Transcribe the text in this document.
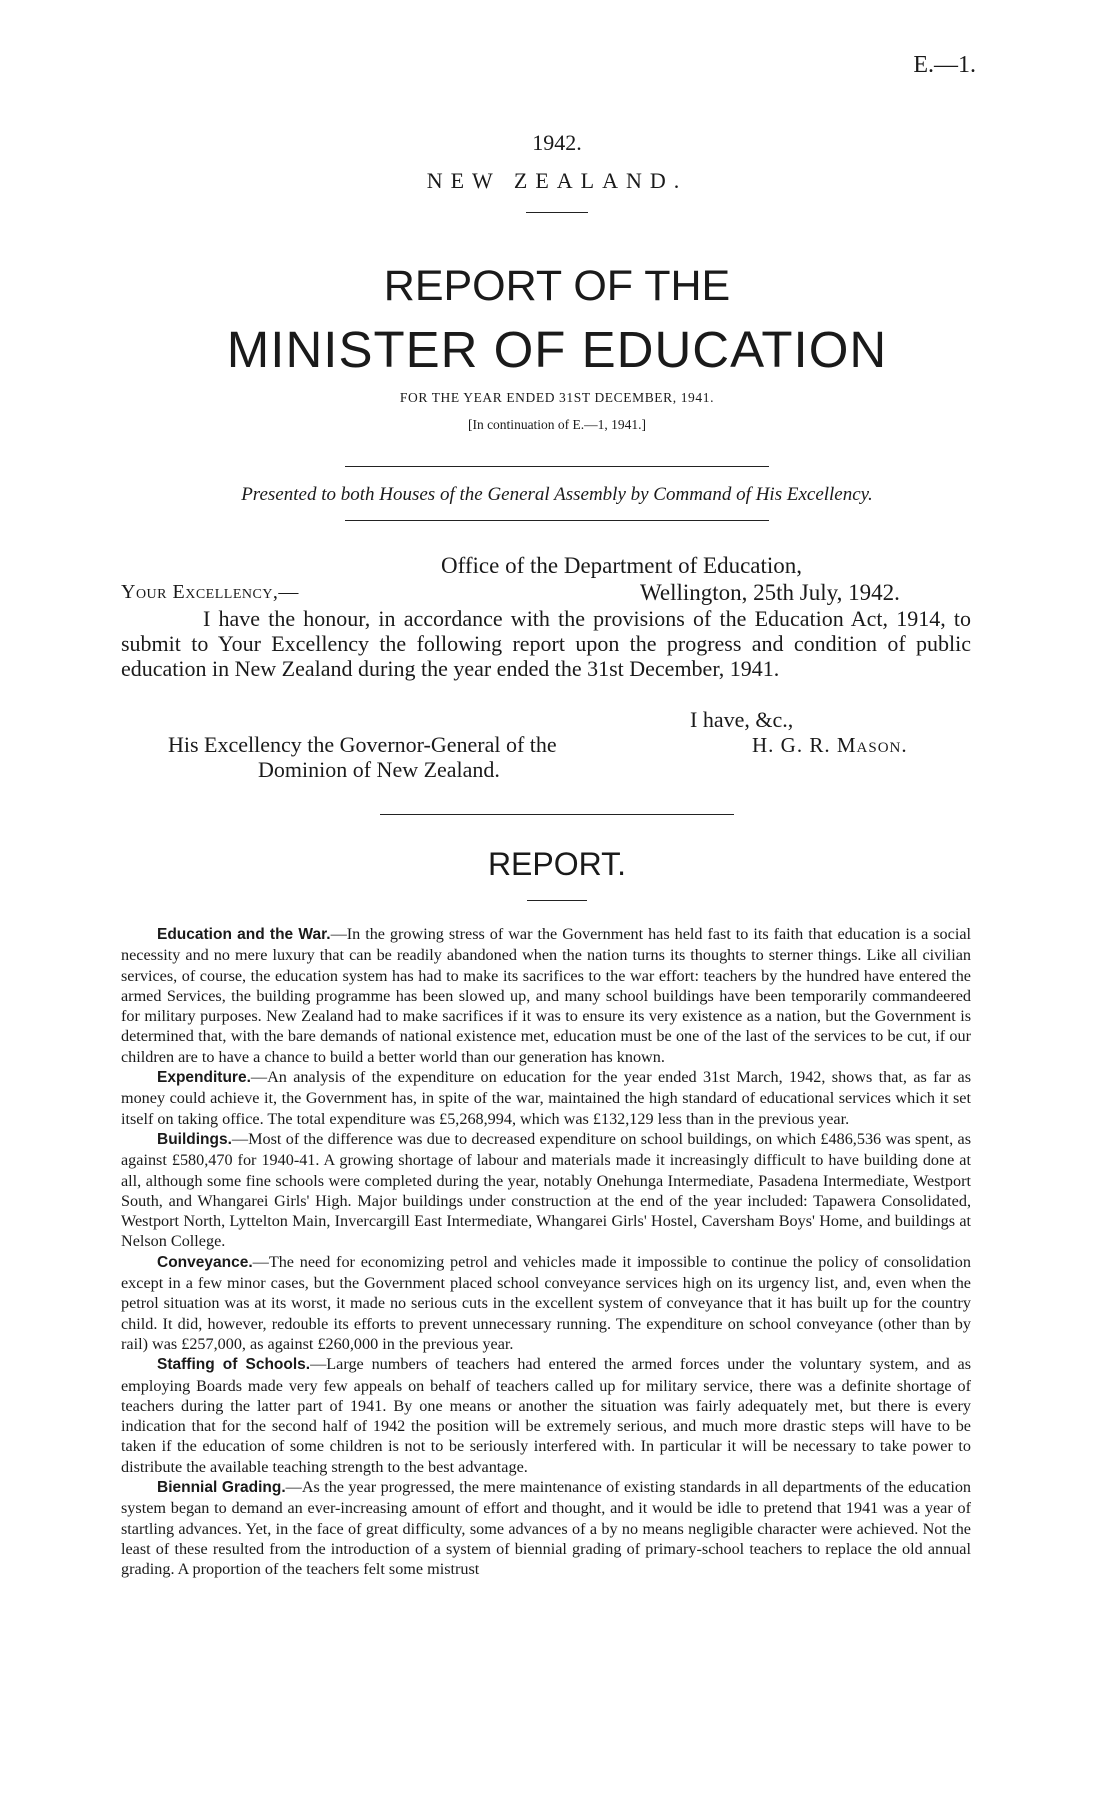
E.—1.
1942.
NEW ZEALAND.
REPORT OF THE
MINISTER OF EDUCATION
FOR THE YEAR ENDED 31ST DECEMBER, 1941.
[In continuation of E.—1, 1941.]
Presented to both Houses of the General Assembly by Command of His Excellency.
Office of the Department of Education,
Your Excellency,—	Wellington, 25th July, 1942.

I have the honour, in accordance with the provisions of the Education Act, 1914, to submit to Your Excellency the following report upon the progress and condition of public education in New Zealand during the year ended the 31st December, 1941.

I have, &c.,
His Excellency the Governor-General of the
Dominion of New Zealand.
H. G. R. Mason.
REPORT.

Education and the War.—In the growing stress of war the Government has held fast to its faith that education is a social necessity and no mere luxury that can be readily abandoned when the nation turns its thoughts to sterner things. Like all civilian services, of course, the education system has had to make its sacrifices to the war effort: teachers by the hundred have entered the armed Services, the building programme has been slowed up, and many school buildings have been temporarily commandeered for military purposes. New Zealand had to make sacrifices if it was to ensure its very existence as a nation, but the Government is determined that, with the bare demands of national existence met, education must be one of the last of the services to be cut, if our children are to have a chance to build a better world than our generation has known.

Expenditure.—An analysis of the expenditure on education for the year ended 31st March, 1942, shows that, as far as money could achieve it, the Government has, in spite of the war, maintained the high standard of educational services which it set itself on taking office. The total expenditure was £5,268,994, which was £132,129 less than in the previous year.

Buildings.—Most of the difference was due to decreased expenditure on school buildings, on which £486,536 was spent, as against £580,470 for 1940-41. A growing shortage of labour and materials made it increasingly difficult to have building done at all, although some fine schools were completed during the year, notably Onehunga Intermediate, Pasadena Intermediate, Westport South, and Whangarei Girls' High. Major buildings under construction at the end of the year included: Tapawera Consolidated, Westport North, Lyttelton Main, Invercargill East Intermediate, Whangarei Girls' Hostel, Caversham Boys' Home, and buildings at Nelson College.

Conveyance.—The need for economizing petrol and vehicles made it impossible to continue the policy of consolidation except in a few minor cases, but the Government placed school conveyance services high on its urgency list, and, even when the petrol situation was at its worst, it made no serious cuts in the excellent system of conveyance that it has built up for the country child. It did, however, redouble its efforts to prevent unnecessary running. The expenditure on school conveyance (other than by rail) was £257,000, as against £260,000 in the previous year.

Staffing of Schools.—Large numbers of teachers had entered the armed forces under the voluntary system, and as employing Boards made very few appeals on behalf of teachers called up for military service, there was a definite shortage of teachers during the latter part of 1941. By one means or another the situation was fairly adequately met, but there is every indication that for the second half of 1942 the position will be extremely serious, and much more drastic steps will have to be taken if the education of some children is not to be seriously interfered with. In particular it will be necessary to take power to distribute the available teaching strength to the best advantage.

Biennial Grading.—As the year progressed, the mere maintenance of existing standards in all departments of the education system began to demand an ever-increasing amount of effort and thought, and it would be idle to pretend that 1941 was a year of startling advances. Yet, in the face of great difficulty, some advances of a by no means negligible character were achieved. Not the least of these resulted from the introduction of a system of biennial grading of primary-school teachers to replace the old annual grading. A proportion of the teachers felt some mistrust
